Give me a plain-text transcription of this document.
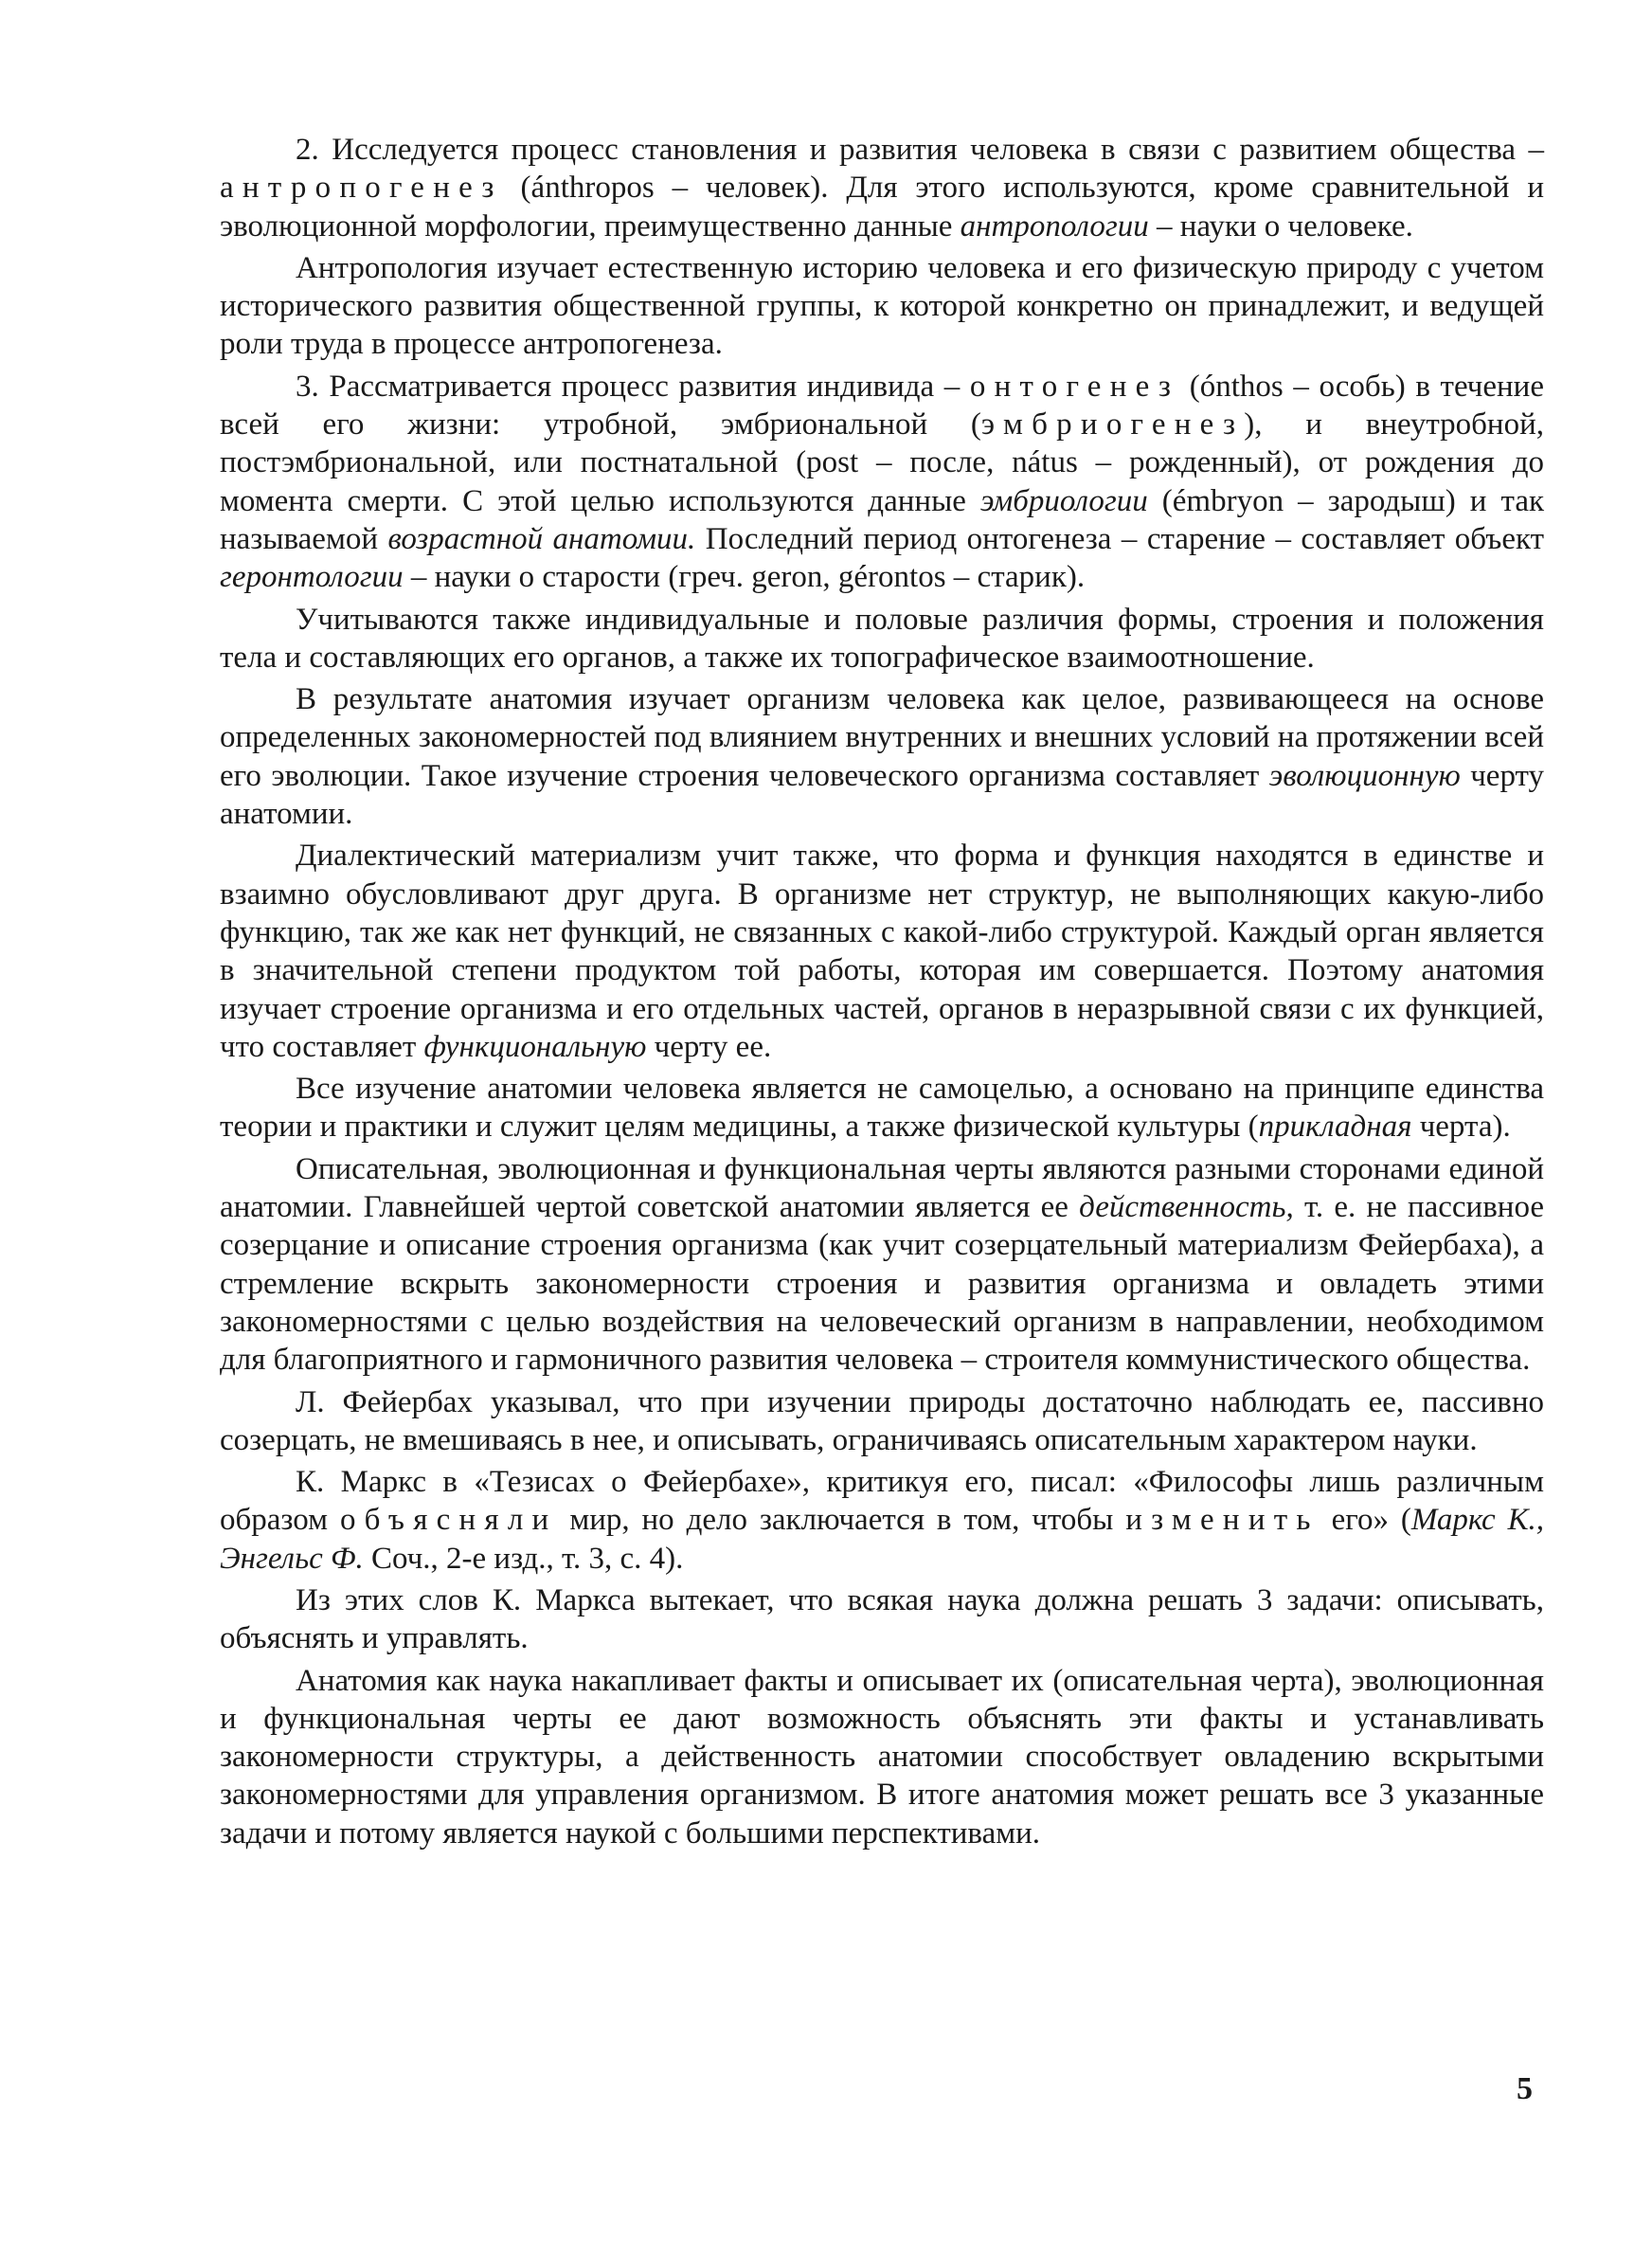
2. Исследуется процесс становления и развития человека в связи с развитием общества – антропогенез (ánthropos – человек). Для этого используются, кроме сравнительной и эволюционной морфологии, преимущественно данные антропологии – науки о человеке.

Антропология изучает естественную историю человека и его физическую природу с учетом исторического развития общественной группы, к которой конкретно он принадлежит, и ведущей роли труда в процессе антропогенеза.

3. Рассматривается процесс развития индивида – онтогенез (ónthos – особь) в течение всей его жизни: утробной, эмбриональной (эмбриогенез), и внеутробной, постэмбриональной, или постнатальной (post – после, nátus – рожденный), от рождения до момента смерти. С этой целью используются данные эмбриологии (émbryon – зародыш) и так называемой возрастной анатомии. Последний период онтогенеза – старение – составляет объект геронтологии – науки о старости (греч. geron, gérontos – старик).

Учитываются также индивидуальные и половые различия формы, строения и положения тела и составляющих его органов, а также их топографическое взаимоотношение.

В результате анатомия изучает организм человека как целое, развивающееся на основе определенных закономерностей под влиянием внутренних и внешних условий на протяжении всей его эволюции. Такое изучение строения человеческого организма составляет эволюционную черту анатомии.

Диалектический материализм учит также, что форма и функция находятся в единстве и взаимно обусловливают друг друга. В организме нет структур, не выполняющих какую-либо функцию, так же как нет функций, не связанных с какой-либо структурой. Каждый орган является в значительной степени продуктом той работы, которая им совершается. Поэтому анатомия изучает строение организма и его отдельных частей, органов в неразрывной связи с их функцией, что составляет функциональную черту ее.

Все изучение анатомии человека является не самоцелью, а основано на принципе единства теории и практики и служит целям медицины, а также физической культуры (прикладная черта).

Описательная, эволюционная и функциональная черты являются разными сторонами единой анатомии. Главнейшей чертой советской анатомии является ее действенность, т. е. не пассивное созерцание и описание строения организма (как учит созерцательный материализм Фейербаха), а стремление вскрыть закономерности строения и развития организма и овладеть этими закономерностями с целью воздействия на человеческий организм в направлении, необходимом для благоприятного и гармоничного развития человека – строителя коммунистического общества.

Л. Фейербах указывал, что при изучении природы достаточно наблюдать ее, пассивно созерцать, не вмешиваясь в нее, и описывать, ограничиваясь описательным характером науки.

К. Маркс в «Тезисах о Фейербахе», критикуя его, писал: «Философы лишь различным образом объясняли мир, но дело заключается в том, чтобы изменить его» (Маркс К., Энгельс Ф. Соч., 2-е изд., т. 3, с. 4).

Из этих слов К. Маркса вытекает, что всякая наука должна решать 3 задачи: описывать, объяснять и управлять.

Анатомия как наука накапливает факты и описывает их (описательная черта), эволюционная и функциональная черты ее дают возможность объяснять эти факты и устанавливать закономерности структуры, а действенность анатомии способствует овладению вскрытыми закономерностями для управления организмом. В итоге анатомия может решать все 3 указанные задачи и потому является наукой с большими перспективами.

5
